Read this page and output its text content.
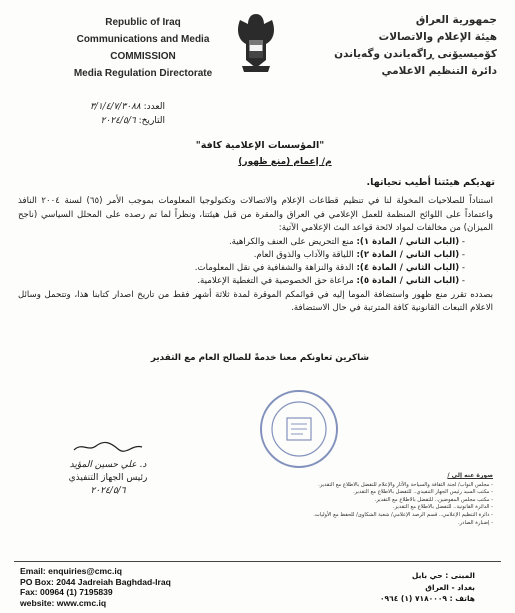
Republic of Iraq
Communications and Media
COMMISSION
Media Regulation Directorate
جمهورية العراق
هيئة الإعلام والاتصالات
كۆمیسیۆنی ڕاگەیاندن وگەیاندن
دائرة التنظيم الاعلامي
العدد: ٣/١/٤/٧/٣٠٨٨
التاريخ: ٢٠٢٤/٥/٦
"المؤسسات الإعلامية كافة"
م/ إعمام (منع ظهور)
تهديكم هيئتنا أطيب تحياتها.

استناداً للصلاحيات المخولة لنا في تنظيم قطاعات الإعلام والاتصالات وتكنولوجيا المعلومات بموجب الأمر (٦٥) لسنة ٢٠٠٤ النافذ واعتماداً على اللوائح المنظمة للعمل الإعلامي في العراق والمقرة من قبل هيئتنا، ونظراً لما تم رصده على المحلل السياسي (ناجح الميزان) من مخالفات لمواد لائحة قواعد البث الإعلامي الآتية:

- (الباب الثاني / المادة ١): منع التحريض على العنف والكراهية.
- (الباب الثاني / المادة ٢): اللياقة والآداب والذوق العام.
- (الباب الثاني / المادة ٤): الدقة والنزاهة والشفافية في نقل المعلومات.
- (الباب الثاني / المادة ٥): مراعاة حق الخصوصية في التغطية الإعلامية.

بصدده تقرر منع ظهور واستضافة الموما إليه في قوائمكم الموقرة لمدة ثلاثة أشهر فقط من تاريخ اصدار كتابنا هذا، وتتحمل وسائل الاعلام التبعات القانونية كافة المترتبة في حال الاستضافة.

شاكرين تعاونكم معنا خدمةً للصالح العام مع التقدير
د. علي حسين المؤيد
رئيس الجهاز التنفيذي
٢٠٢٤/٥/٦
صورة عنه إلى /
- مجلس النواب/ لجنة الثقافة والسياحة والآثار والإعلام للتفضل بالاطلاع مع التقدير.
- مكتب السيد رئيس الجهاز التنفيذي.. للتفضل بالاطلاع مع التقدير.
- مكتب مجلس المفوضين.. للتفضل بالاطلاع مع التقدير.
- الدائرة القانونية.. للتفضل بالاطلاع مع التقدير.
- دائرة التنظيم الإعلامي.. قسم الرصد الإعلامي/ شعبة الشكاوى/ للحفظ مع الأوليات.
- إضبارة الصادر.
Email: enquiries@cmc.iq
PO Box: 2044 Jadreiah Baghdad-Iraq
Fax: 00964 (1) 7195839
website: www.cmc.iq
المبنى : حي بابل
بغداد - العراق
هاتف : ٧١٨٠٠٠٩ (١) ٠٩٦٤
